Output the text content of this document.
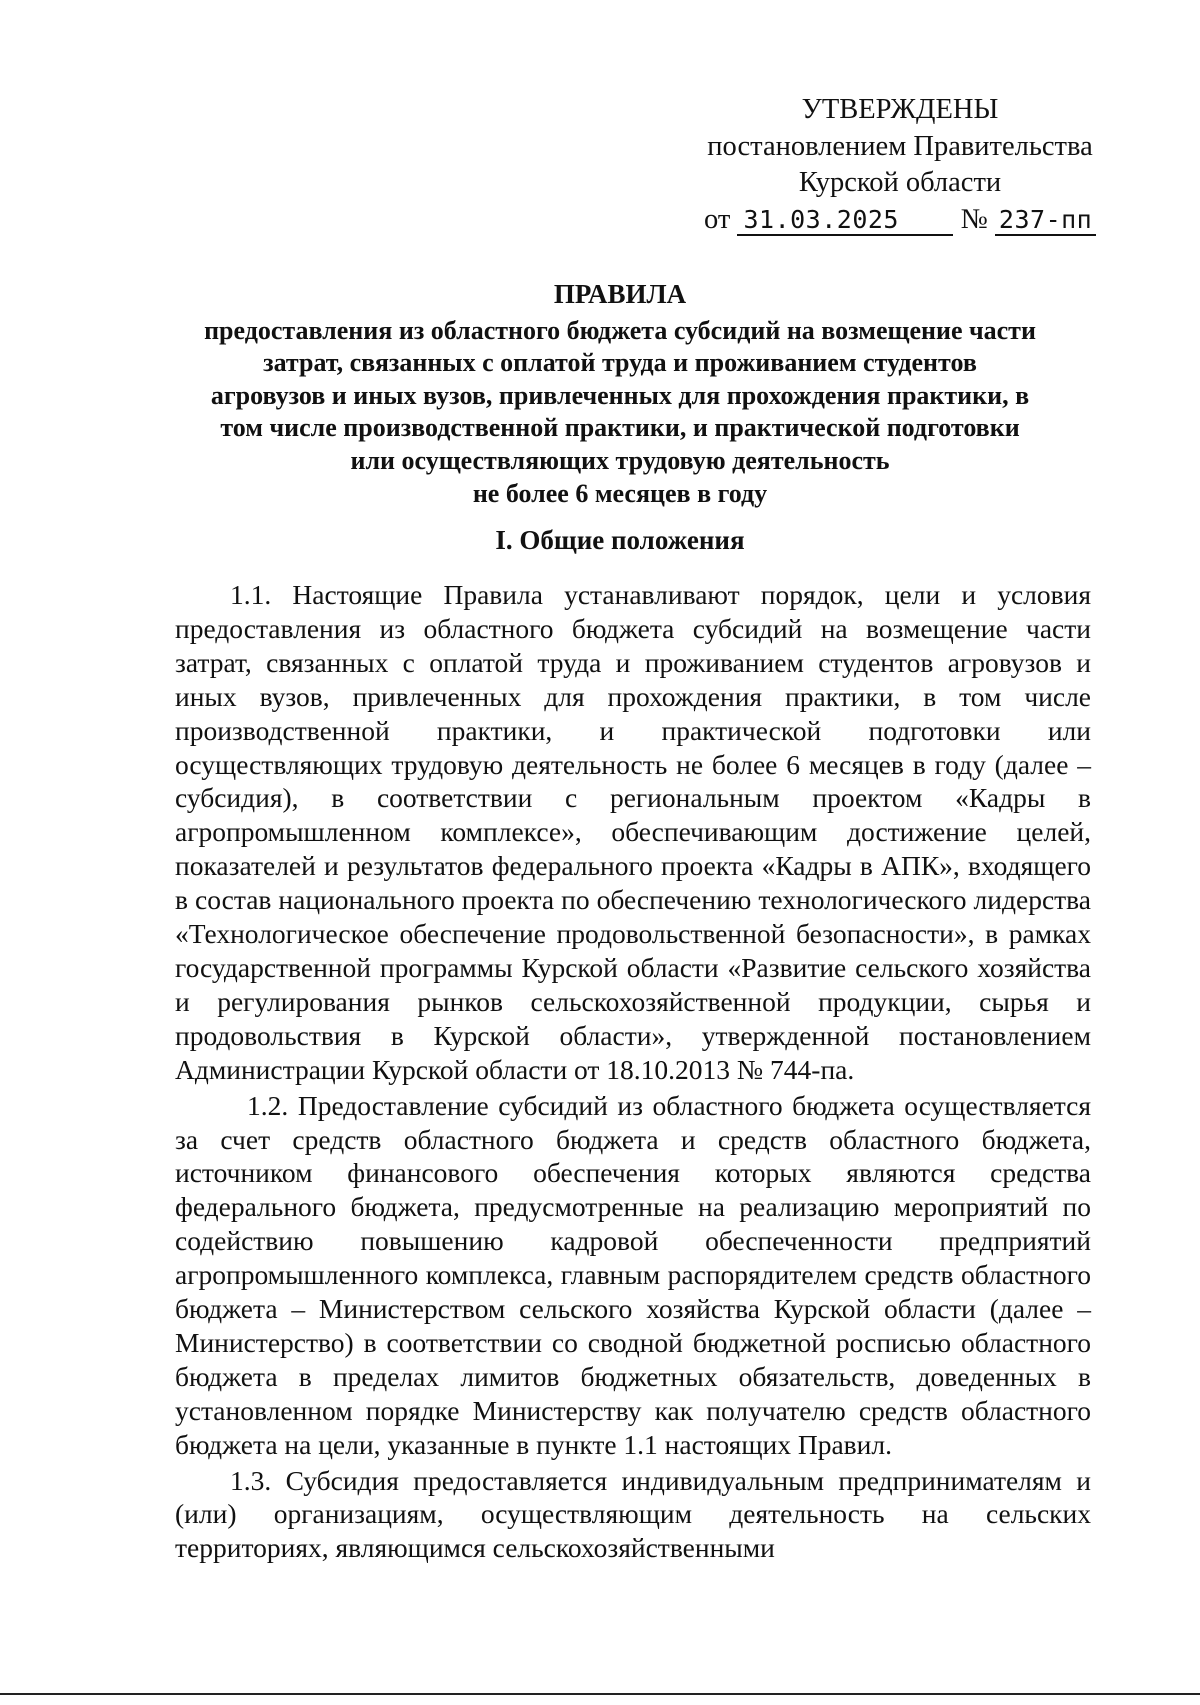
УТВЕРЖДЕНЫ
постановлением Правительства
Курской области
от 31.03.2025 № 237-пп
ПРАВИЛА
предоставления из областного бюджета субсидий на возмещение части
затрат, связанных с оплатой труда и проживанием студентов
агровузов и иных вузов, привлеченных для прохождения практики, в
том числе производственной практики, и практической подготовки
или осуществляющих трудовую деятельность
не более 6 месяцев в году
I. Общие положения

1.1. Настоящие Правила устанавливают порядок, цели и условия предоставления из областного бюджета субсидий на возмещение части затрат, связанных с оплатой труда и проживанием студентов агровузов и иных вузов, привлеченных для прохождения практики, в том числе производственной практики, и практической подготовки или осуществляющих трудовую деятельность не более 6 месяцев в году (далее – субсидия), в соответствии с региональным проектом «Кадры в агропромышленном комплексе», обеспечивающим достижение целей, показателей и результатов федерального проекта «Кадры в АПК», входящего в состав национального проекта по обеспечению технологического лидерства «Технологическое обеспечение продовольственной безопасности», в рамках государственной программы Курской области «Развитие сельского хозяйства и регулирования рынков сельскохозяйственной продукции, сырья и продовольствия в Курской области», утвержденной постановлением Администрации Курской области от 18.10.2013 № 744-па.

1.2. Предоставление субсидий из областного бюджета осуществляется за счет средств областного бюджета и средств областного бюджета, источником финансового обеспечения которых являются средства федерального бюджета, предусмотренные на реализацию мероприятий по содействию повышению кадровой обеспеченности предприятий агропромышленного комплекса, главным распорядителем средств областного бюджета – Министерством сельского хозяйства Курской области (далее – Министерство) в соответствии со сводной бюджетной росписью областного бюджета в пределах лимитов бюджетных обязательств, доведенных в установленном порядке Министерству как получателю средств областного бюджета на цели, указанные в пункте 1.1 настоящих Правил.

1.3. Субсидия предоставляется индивидуальным предпринимателям и (или) организациям, осуществляющим деятельность на сельских территориях, являющимся сельскохозяйственными
